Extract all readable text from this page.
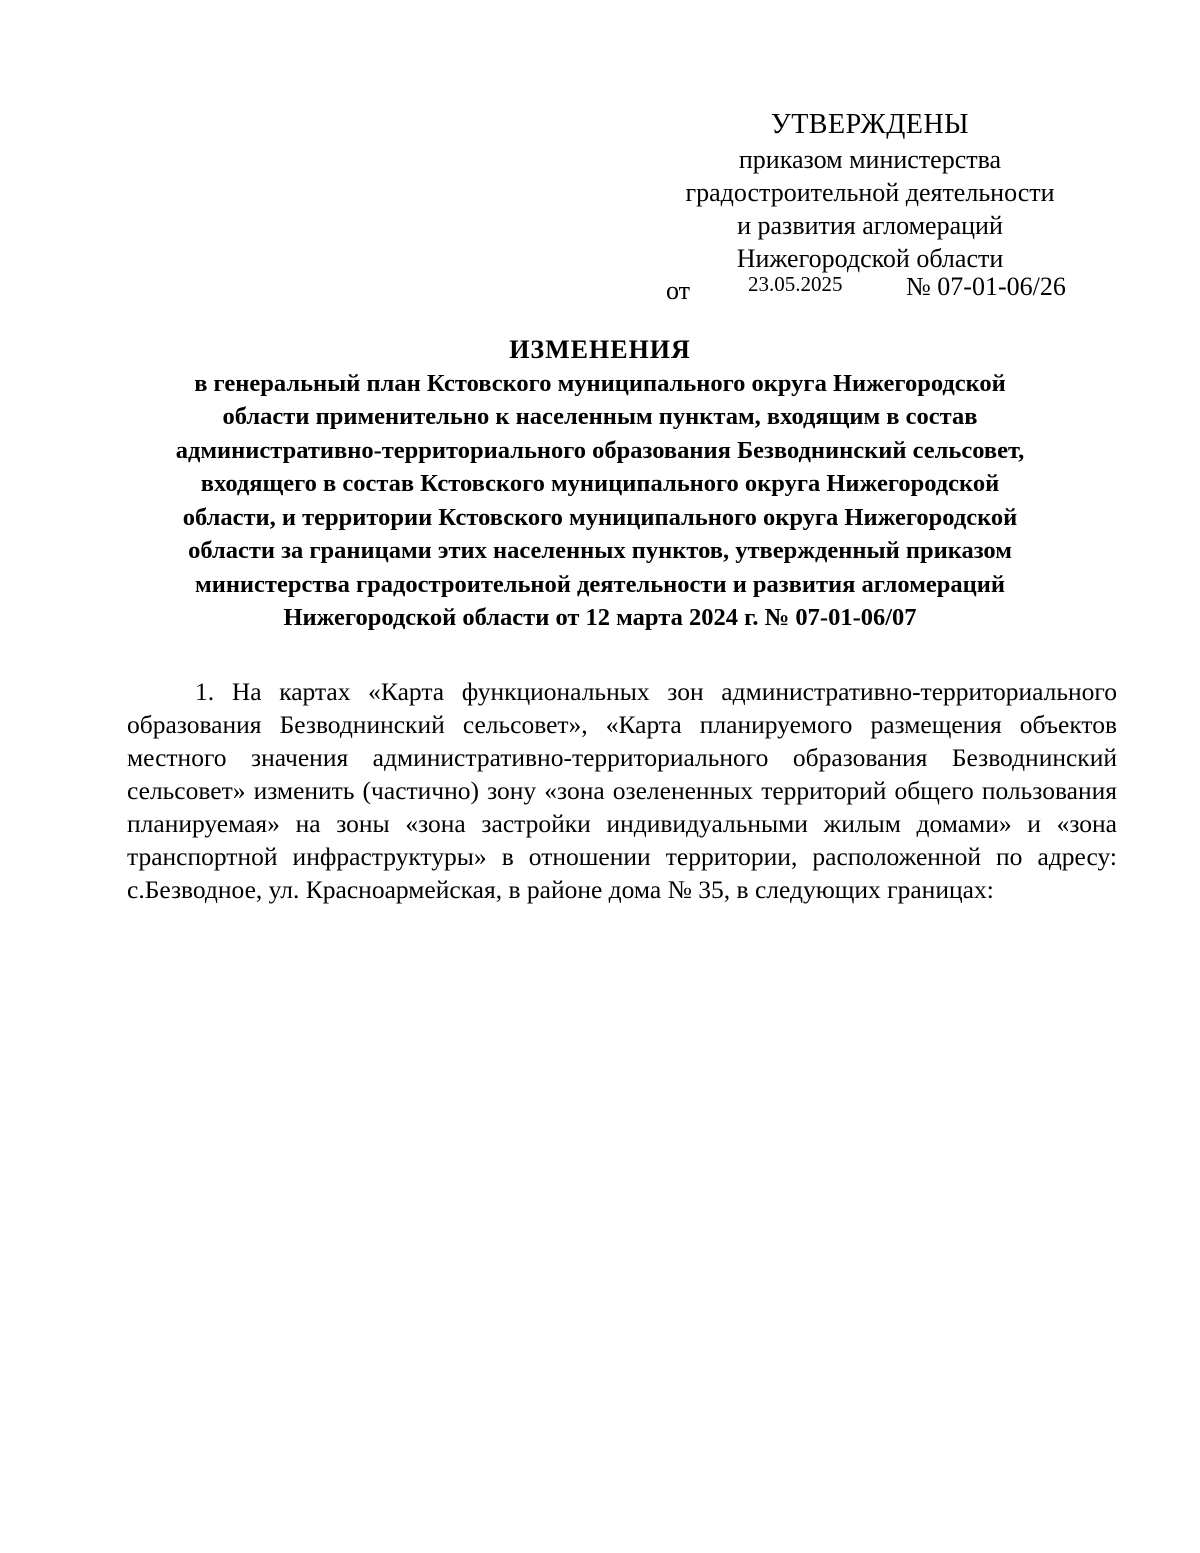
УТВЕРЖДЕНЫ
приказом министерства
градостроительной деятельности
и развития агломераций
Нижегородской области
от	23.05.2025 № 07-01-06/26
ИЗМЕНЕНИЯ
в генеральный план Кстовского муниципального округа Нижегородской
области применительно к населенным пунктам, входящим в состав
административно-территориального образования Безводнинский сельсовет,
входящего в состав Кстовского муниципального округа Нижегородской
области, и территории Кстовского муниципального округа Нижегородской
области за границами этих населенных пунктов, утвержденный приказом
министерства градостроительной деятельности и развития агломераций
Нижегородской области от 12 марта 2024 г. № 07-01-06/07

1. На картах «Карта функциональных зон административно-территориального образования Безводнинский сельсовет», «Карта планируемого размещения объектов местного значения административно-территориального образования Безводнинский сельсовет» изменить (частично) зону «зона озелененных территорий общего пользования планируемая» на зоны «зона застройки индивидуальными жилым домами» и «зона транспортной инфраструктуры» в отношении территории, расположенной по адресу: с.Безводное, ул. Красноармейская, в районе дома № 35, в следующих границах:
